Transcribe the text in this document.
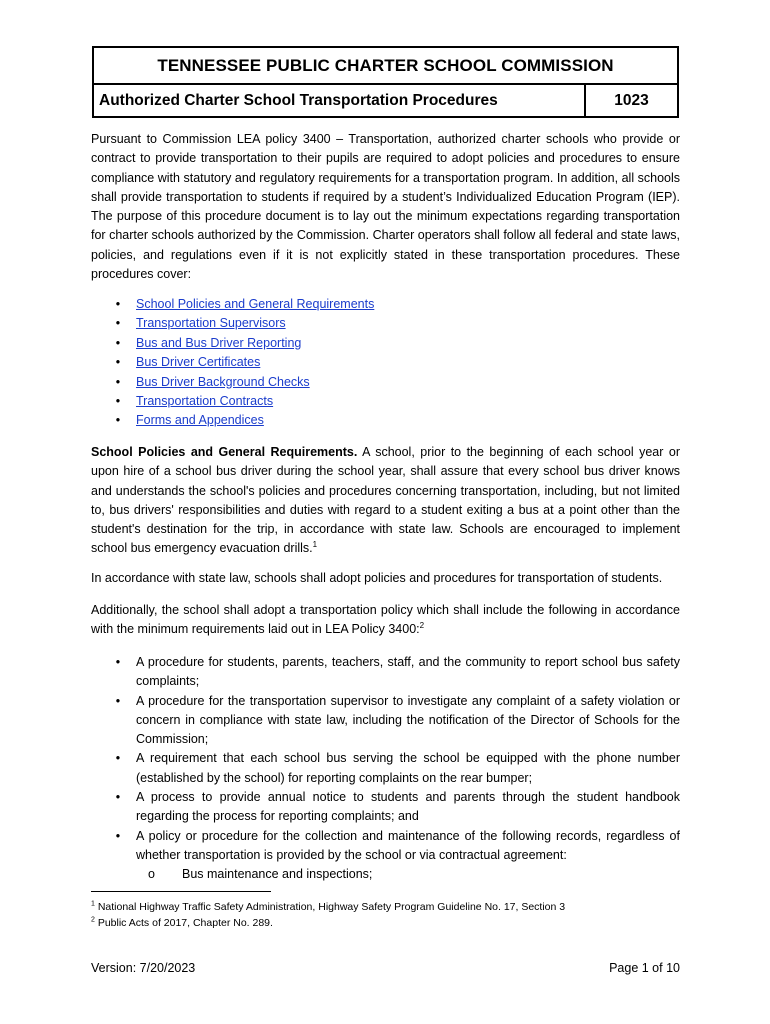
TENNESSEE PUBLIC CHARTER SCHOOL COMMISSION
Authorized Charter School Transportation Procedures	1023

Pursuant to Commission LEA policy 3400 – Transportation, authorized charter schools who provide or contract to provide transportation to their pupils are required to adopt policies and procedures to ensure compliance with statutory and regulatory requirements for a transportation program. In addition, all schools shall provide transportation to students if required by a student’s Individualized Education Program (IEP). The purpose of this procedure document is to lay out the minimum expectations regarding transportation for charter schools authorized by the Commission. Charter operators shall follow all federal and state laws, policies, and regulations even if it is not explicitly stated in these transportation procedures. These procedures cover:

•	School Policies and General Requirements
•	Transportation Supervisors
•	Bus and Bus Driver Reporting
•	Bus Driver Certificates
•	Bus Driver Background Checks
•	Transportation Contracts
•	Forms and Appendices

School Policies and General Requirements. A school, prior to the beginning of each school year or upon hire of a school bus driver during the school year, shall assure that every school bus driver knows and understands the school's policies and procedures concerning transportation, including, but not limited to, bus drivers' responsibilities and duties with regard to a student exiting a bus at a point other than the student's destination for the trip, in accordance with state law. Schools are encouraged to implement school bus emergency evacuation drills.$^1$

In accordance with state law, schools shall adopt policies and procedures for transportation of students.

Additionally, the school shall adopt a transportation policy which shall include the following in accordance with the minimum requirements laid out in LEA Policy 3400:$^2$

•	A procedure for students, parents, teachers, staff, and the community to report school bus safety complaints;
•	A procedure for the transportation supervisor to investigate any complaint of a safety violation or concern in compliance with state law, including the notification of the Director of Schools for the Commission;
•	A requirement that each school bus serving the school be equipped with the phone number (established by the school) for reporting complaints on the rear bumper;
•	A process to provide annual notice to students and parents through the student handbook regarding the process for reporting complaints; and
•	A policy or procedure for the collection and maintenance of the following records, regardless of whether transportation is provided by the school or via contractual agreement:
o Bus maintenance and inspections;
$^1$ National Highway Traffic Safety Administration, Highway Safety Program Guideline No. 17, Section 3
$^2$ Public Acts of 2017, Chapter No. 289.
Version: 7/20/2023	Page 1 of 10
